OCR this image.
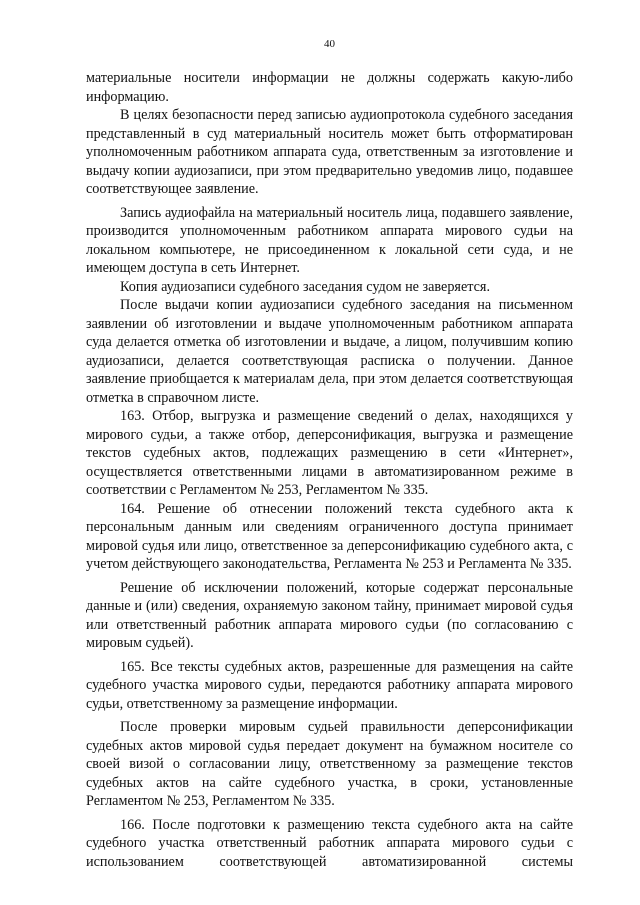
40

материальные носители информации не должны содержать какую-либо информацию.

В целях безопасности перед записью аудиопротокола судебного заседания представленный в суд материальный носитель может быть отформатирован уполномоченным работником аппарата суда, ответственным за изготовление и выдачу копии аудиозаписи, при этом предварительно уведомив лицо, подавшее соответствующее заявление.

Запись аудиофайла на материальный носитель лица, подавшего заявление, производится уполномоченным работником аппарата мирового судьи на локальном компьютере, не присоединенном к локальной сети суда, и не имеющем доступа в сеть Интернет.

Копия аудиозаписи судебного заседания судом не заверяется.

После выдачи копии аудиозаписи судебного заседания на письменном заявлении об изготовлении и выдаче уполномоченным работником аппарата суда делается отметка об изготовлении и выдаче, а лицом, получившим копию аудиозаписи, делается соответствующая расписка о получении. Данное заявление приобщается к материалам дела, при этом делается соответствующая отметка в справочном листе.

163. Отбор, выгрузка и размещение сведений о делах, находящихся у мирового судьи, а также отбор, деперсонификация, выгрузка и размещение текстов судебных актов, подлежащих размещению в сети «Интернет», осуществляется ответственными лицами в автоматизированном режиме в соответствии с Регламентом № 253, Регламентом № 335.

164. Решение об отнесении положений текста судебного акта к персональным данным или сведениям ограниченного доступа принимает мировой судья или лицо, ответственное за деперсонификацию судебного акта, с учетом действующего законодательства, Регламента № 253 и Регламента № 335.

Решение об исключении положений, которые содержат персональные данные и (или) сведения, охраняемую законом тайну, принимает мировой судья или ответственный работник аппарата мирового судьи (по согласованию с мировым судьей).

165. Все тексты судебных актов, разрешенные для размещения на сайте судебного участка мирового судьи, передаются работнику аппарата мирового судьи, ответственному за размещение информации.

После проверки мировым судьей правильности деперсонификации судебных актов мировой судья передает документ на бумажном носителе со своей визой о согласовании лицу, ответственному за размещение текстов судебных актов на сайте судебного участка, в сроки, установленные Регламентом № 253, Регламентом № 335.

166. После подготовки к размещению текста судебного акта на сайте судебного участка ответственный работник аппарата мирового судьи с использованием соответствующей автоматизированной системы
